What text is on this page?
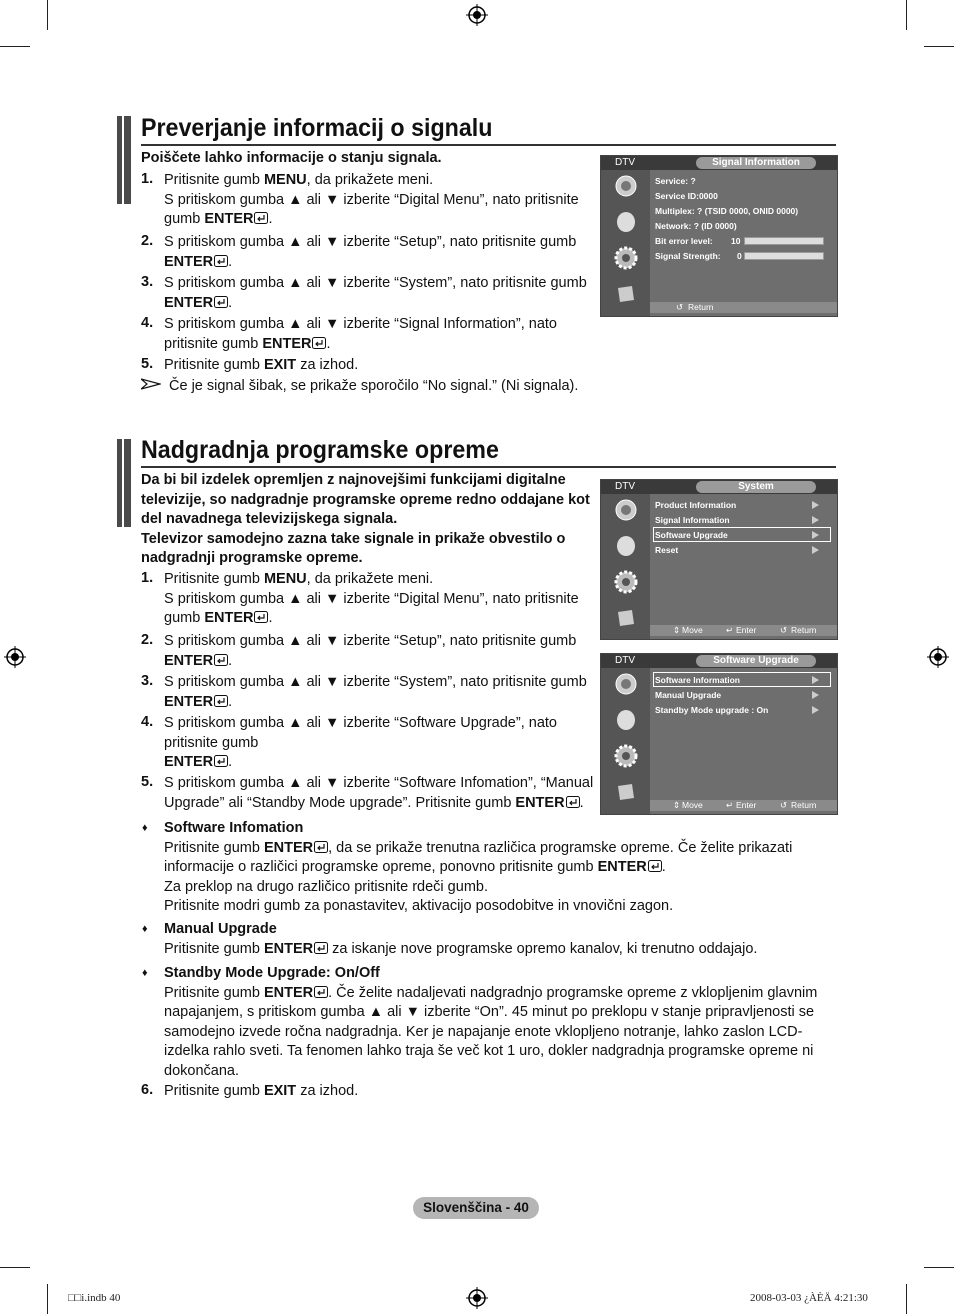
Preverjanje informacij o signalu
Poiščete lahko informacije o stanju signala.
1. Pritisnite gumb MENU, da prikažete meni.
S pritiskom gumba ▲ ali ▼ izberite “Digital Menu”, nato pritisnite
gumb ENTER .
2. S pritiskom gumba ▲ ali ▼ izberite “Setup”, nato pritisnite gumb
ENTER .
3. S pritiskom gumba ▲ ali ▼ izberite “System”, nato pritisnite gumb
ENTER .
4. S pritiskom gumba ▲ ali ▼ izberite “Signal Information”, nato
pritisnite gumb ENTER .
5. Pritisnite gumb EXIT za izhod.
Če je signal šibak, se prikaže sporočilo “No signal.” (Ni signala).
DTV	Signal Information
Service: ?
Service ID:0000
Multiplex: ? (TSID 0000, ONID 0000)
Network: ? (ID 0000)
Bit error level: 10
Signal Strength: 0
↺ Return
Nadgradnja programske opreme
Da bi bil izdelek opremljen z najnovejšimi funkcijami digitalne
televizije, so nadgradnje programske opreme redno oddajane kot
del navadnega televizijskega signala.
Televizor samodejno zazna take signale in prikaže obvestilo o
nadgradnji programske opreme.
1. Pritisnite gumb MENU, da prikažete meni.
S pritiskom gumba ▲ ali ▼ izberite “Digital Menu”, nato pritisnite
gumb ENTER .
2. S pritiskom gumba ▲ ali ▼ izberite “Setup”, nato pritisnite gumb
ENTER .
3. S pritiskom gumba ▲ ali ▼ izberite “System”, nato pritisnite gumb
ENTER .
4. S pritiskom gumba ▲ ali ▼ izberite “Software Upgrade”, nato
pritisnite gumb
ENTER .
5. S pritiskom gumba ▲ ali ▼ izberite “Software Infomation”, “Manual
Upgrade” ali “Standby Mode upgrade”. Pritisnite gumb ENTER .
♦ Software Infomation
Pritisnite gumb ENTER , da se prikaže trenutna različica programske opreme. Če želite prikazati
informacije o različici programske opreme, ponovno pritisnite gumb ENTER .
Za preklop na drugo različico pritisnite rdeči gumb.
Pritisnite modri gumb za ponastavitev, aktivacijo posodobitve in vnovični zagon.
♦ Manual Upgrade
Pritisnite gumb ENTER za iskanje nove programske opremo kanalov, ki trenutno oddajajo.
♦ Standby Mode Upgrade: On/Off
Pritisnite gumb ENTER . Če želite nadaljevati nadgradnjo programske opreme z vklopljenim glavnim
napajanjem, s pritiskom gumba ▲ ali ▼ izberite “On”. 45 minut po preklopu v stanje pripravljenosti se
samodejno izvede ročna nadgradnja. Ker je napajanje enote vklopljeno notranje, lahko zaslon LCD-
izdelka rahlo sveti. Ta fenomen lahko traja še več kot 1 uro, dokler nadgradnja programske opreme ni
dokončana.
6. Pritisnite gumb EXIT za izhod.
DTV	System
Product Information
Signal Information
Software Upgrade
Reset
⇕ Move	↵ Enter	↺ Return
DTV	Software Upgrade
Software Information
Manual Upgrade
Standby Mode upgrade : On
⇕ Move	↵ Enter	↺ Return
Slovenščina - 40
□□i.indb 40	2008-03-03 ¿ÀÈÄ 4:21:30
